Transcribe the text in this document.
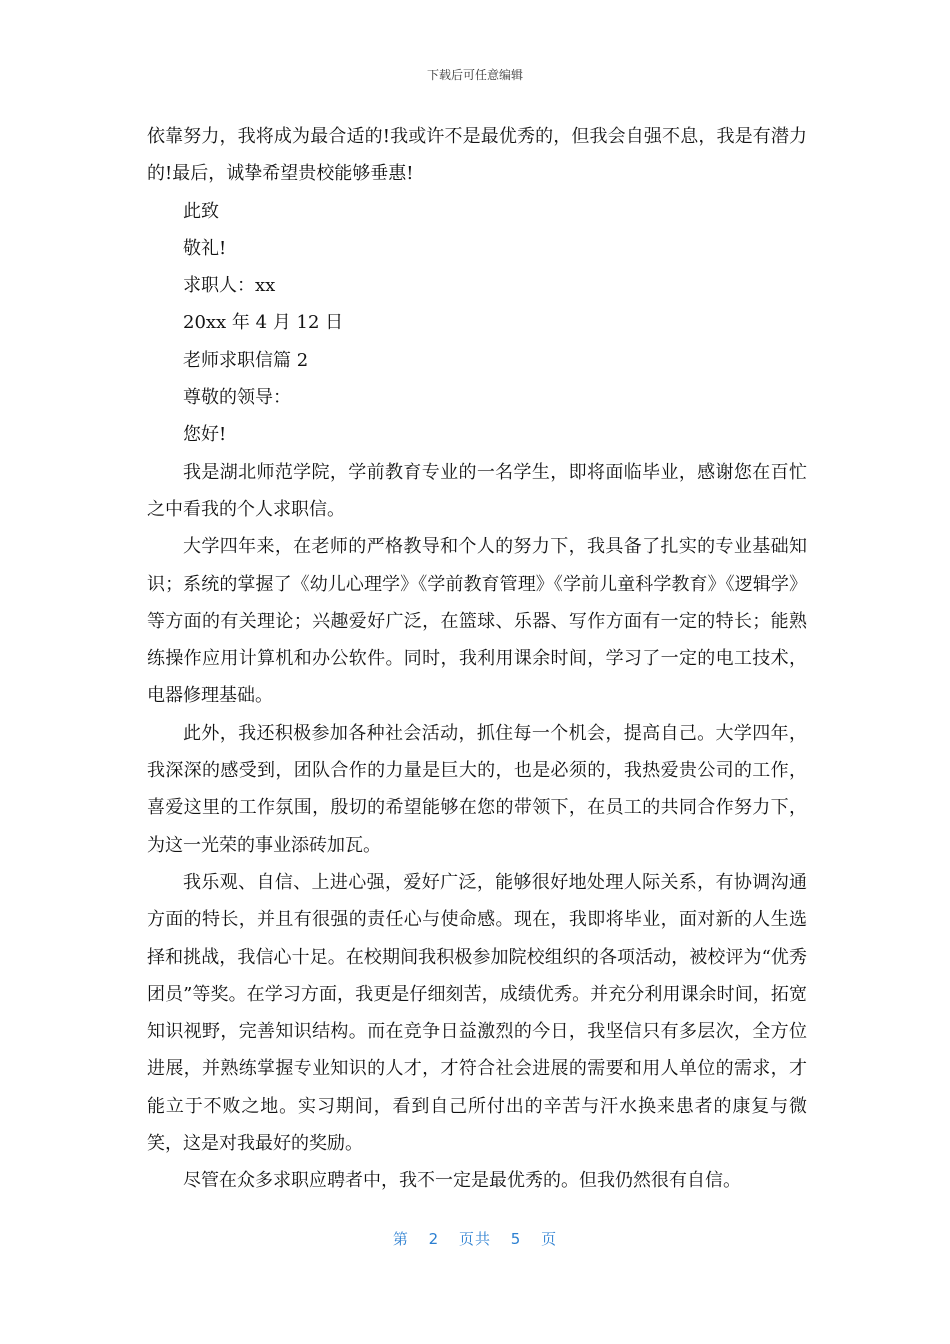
下载后可任意编辑

依靠努力，我将成为最合适的!我或许不是最优秀的，但我会自强不息，我是有潜力的!最后，诚挚希望贵校能够垂惠!

此致

敬礼!

求职人：xx

20xx 年 4 月 12 日

老师求职信篇 2

尊敬的领导：

您好!

我是湖北师范学院，学前教育专业的一名学生，即将面临毕业，感谢您在百忙之中看我的个人求职信。

大学四年来，在老师的严格教导和个人的努力下，我具备了扎实的专业基础知识；系统的掌握了《幼儿心理学》《学前教育管理》《学前儿童科学教育》《逻辑学》等方面的有关理论；兴趣爱好广泛，在篮球、乐器、写作方面有一定的特长；能熟练操作应用计算机和办公软件。同时，我利用课余时间，学习了一定的电工技术，电器修理基础。

此外，我还积极参加各种社会活动，抓住每一个机会，提高自己。大学四年，我深深的感受到，团队合作的力量是巨大的，也是必须的，我热爱贵公司的工作，喜爱这里的工作氛围，殷切的希望能够在您的带领下，在员工的共同合作努力下，为这一光荣的事业添砖加瓦。

我乐观、自信、上进心强，爱好广泛，能够很好地处理人际关系，有协调沟通方面的特长，并且有很强的责任心与使命感。现在，我即将毕业，面对新的人生选择和挑战，我信心十足。在校期间我积极参加院校组织的各项活动，被校评为“优秀团员”等奖。在学习方面，我更是仔细刻苦，成绩优秀。并充分利用课余时间，拓宽知识视野，完善知识结构。而在竞争日益激烈的今日，我坚信只有多层次，全方位进展，并熟练掌握专业知识的人才，才符合社会进展的需要和用人单位的需求，才能立于不败之地。实习期间，看到自己所付出的辛苦与汗水换来患者的康复与微笑，这是对我最好的奖励。

尽管在众多求职应聘者中，我不一定是最优秀的。但我仍然很有自信。

第 2 页共 5 页
